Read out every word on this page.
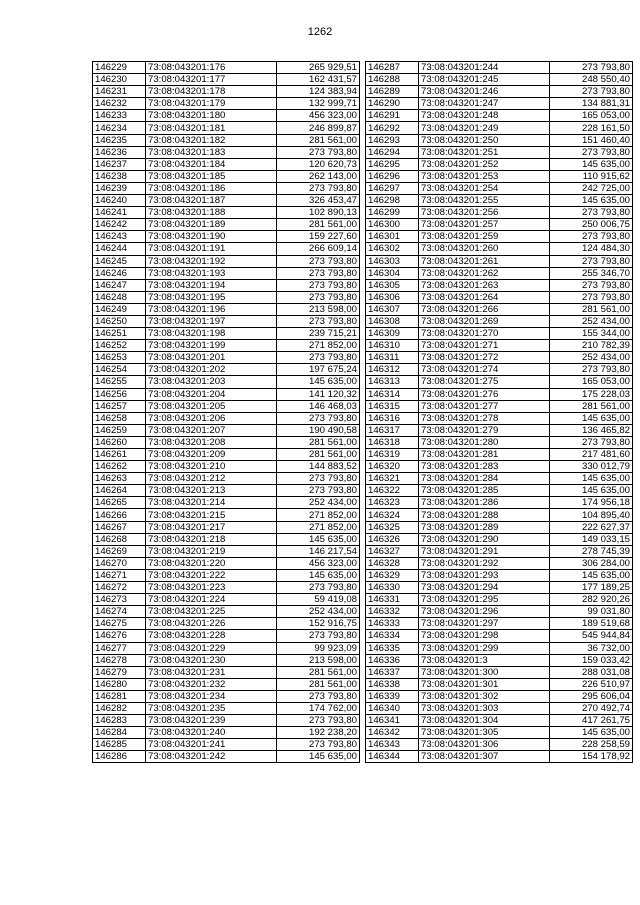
1262
146229	73:08:043201:176	265 929,51
146230	73:08:043201:177	162 431,57
146231	73:08:043201:178	124 383,94
146232	73:08:043201:179	132 999,71
146233	73:08:043201:180	456 323,00
146234	73:08:043201:181	246 899,87
146235	73:08:043201:182	281 561,00
146236	73:08:043201:183	273 793,80
146237	73:08:043201:184	120 620,73
146238	73:08:043201:185	262 143,00
146239	73:08:043201:186	273 793,80
146240	73:08:043201:187	326 453,47
146241	73:08:043201:188	102 890,13
146242	73:08:043201:189	281 561,00
146243	73:08:043201:190	159 227,60
146244	73:08:043201:191	266 609,14
146245	73:08:043201:192	273 793,80
146246	73:08:043201:193	273 793,80
146247	73:08:043201:194	273 793,80
146248	73:08:043201:195	273 793,80
146249	73:08:043201:196	213 598,00
146250	73:08:043201:197	273 793,80
146251	73:08:043201:198	239 715,21
146252	73:08:043201:199	271 852,00
146253	73:08:043201:201	273 793,80
146254	73:08:043201:202	197 675,24
146255	73:08:043201:203	145 635,00
146256	73:08:043201:204	141 120,32
146257	73:08:043201:205	146 468,03
146258	73:08:043201:206	273 793,80
146259	73:08:043201:207	190 490,58
146260	73:08:043201:208	281 561,00
146261	73:08:043201:209	281 561,00
146262	73:08:043201:210	144 883,52
146263	73:08:043201:212	273 793,80
146264	73:08:043201:213	273 793,80
146265	73:08:043201:214	252 434,00
146266	73:08:043201:215	271 852,00
146267	73:08:043201:217	271 852,00
146268	73:08:043201:218	145 635,00
146269	73:08:043201:219	146 217,54
146270	73:08:043201:220	456 323,00
146271	73:08:043201:222	145 635,00
146272	73:08:043201:223	273 793,80
146273	73:08:043201:224	59 419,08
146274	73:08:043201:225	252 434,00
146275	73:08:043201:226	152 916,75
146276	73:08:043201:228	273 793,80
146277	73:08:043201:229	99 923,09
146278	73:08:043201:230	213 598,00
146279	73:08:043201:231	281 561,00
146280	73:08:043201:232	281 561,00
146281	73:08:043201:234	273 793,80
146282	73:08:043201:235	174 762,00
146283	73:08:043201:239	273 793,80
146284	73:08:043201:240	192 238,20
146285	73:08:043201:241	273 793,80
146286	73:08:043201:242	145 635,00
146287	73:08:043201:244	273 793,80
146288	73:08:043201:245	248 550,40
146289	73:08:043201:246	273 793,80
146290	73:08:043201:247	134 881,31
146291	73:08:043201:248	165 053,00
146292	73:08:043201:249	228 161,50
146293	73:08:043201:250	151 460,40
146294	73:08:043201:251	273 793,80
146295	73:08:043201:252	145 635,00
146296	73:08:043201:253	110 915,62
146297	73:08:043201:254	242 725,00
146298	73:08:043201:255	145 635,00
146299	73:08:043201:256	273 793,80
146300	73:08:043201:257	250 006,75
146301	73:08:043201:259	273 793,80
146302	73:08:043201:260	124 484,30
146303	73:08:043201:261	273 793,80
146304	73:08:043201:262	255 346,70
146305	73:08:043201:263	273 793,80
146306	73:08:043201:264	273 793,80
146307	73:08:043201:266	281 561,00
146308	73:08:043201:269	252 434,00
146309	73:08:043201:270	155 344,00
146310	73:08:043201:271	210 782,39
146311	73:08:043201:272	252 434,00
146312	73:08:043201:274	273 793,80
146313	73:08:043201:275	165 053,00
146314	73:08:043201:276	175 228,03
146315	73:08:043201:277	281 561,00
146316	73:08:043201:278	145 635,00
146317	73:08:043201:279	136 465,82
146318	73:08:043201:280	273 793,80
146319	73:08:043201:281	217 481,60
146320	73:08:043201:283	330 012,79
146321	73:08:043201:284	145 635,00
146322	73:08:043201:285	145 635,00
146323	73:08:043201:286	174 956,18
146324	73:08:043201:288	104 895,40
146325	73:08:043201:289	222 627,37
146326	73:08:043201:290	149 033,15
146327	73:08:043201:291	278 745,39
146328	73:08:043201:292	306 284,00
146329	73:08:043201:293	145 635,00
146330	73:08:043201:294	177 189,25
146331	73:08:043201:295	282 920,26
146332	73:08:043201:296	99 031,80
146333	73:08:043201:297	189 519,68
146334	73:08:043201:298	545 944,84
146335	73:08:043201:299	36 732,00
146336	73:08:043201:3	159 033,42
146337	73:08:043201:300	288 031,08
146338	73:08:043201:301	226 510,97
146339	73:08:043201:302	295 606,04
146340	73:08:043201:303	270 492,74
146341	73:08:043201:304	417 261,75
146342	73:08:043201:305	145 635,00
146343	73:08:043201:306	228 258,59
146344	73:08:043201:307	154 178,92
